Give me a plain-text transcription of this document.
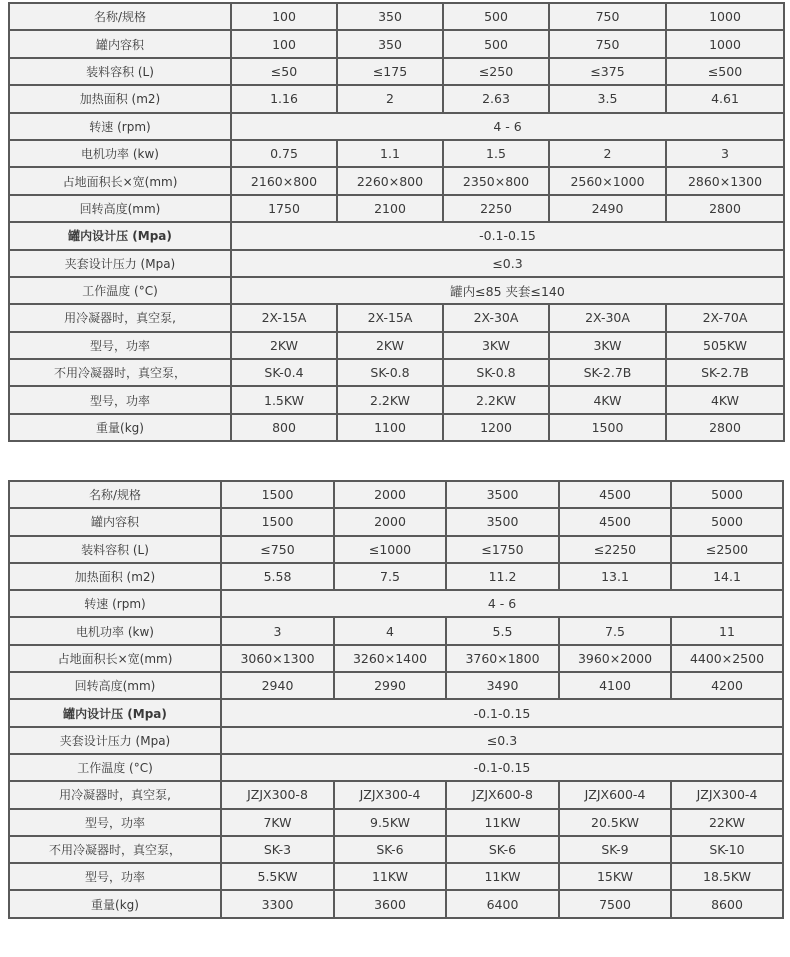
名称/规格	100	350	500	750	1000
罐内容积	100	350	500	750	1000
装料容积 (L)	≤50	≤175	≤250	≤375	≤500
加热面积 (m2)	1.16	2	2.63	3.5	4.61
转速 (rpm)	4 - 6				
电机功率 (kw)	0.75	1.1	1.5	2	3
占地面积长×宽(mm)	2160×800	2260×800	2350×800	2560×1000	2860×1300
回转高度(mm)	1750	2100	2250	2490	2800
罐内设计压 (Mpa)	-0.1-0.15				
夹套设计压力 (Mpa)	≤0.3				
工作温度 (°C)	罐内≤85 夹套≤140				
用冷凝器时，真空泵,	2X-15A	2X-15A	2X-30A	2X-30A	2X-70A
型号，功率	2KW	2KW	3KW	3KW	505KW
不用冷凝器时，真空泵，	SK-0.4	SK-0.8	SK-0.8	SK-2.7B	SK-2.7B
型号，功率	1.5KW	2.2KW	2.2KW	4KW	4KW
重量(kg)	800	1100	1200	1500	2800
名称/规格	1500	2000	3500	4500	5000
罐内容积	1500	2000	3500	4500	5000
装料容积 (L)	≤750	≤1000	≤1750	≤2250	≤2500
加热面积 (m2)	5.58	7.5	11.2	13.1	14.1
转速 (rpm)	4 - 6				
电机功率 (kw)	3	4	5.5	7.5	11
占地面积长×宽(mm)	3060×1300	3260×1400	3760×1800	3960×2000	4400×2500
回转高度(mm)	2940	2990	3490	4100	4200
罐内设计压 (Mpa)	-0.1-0.15				
夹套设计压力 (Mpa)	≤0.3				
工作温度 (°C)	-0.1-0.15				
用冷凝器时，真空泵,	JZJX300-8	JZJX300-4	JZJX600-8	JZJX600-4	JZJX300-4
型号，功率	7KW	9.5KW	11KW	20.5KW	22KW
不用冷凝器时，真空泵，	SK-3	SK-6	SK-6	SK-9	SK-10
型号，功率	5.5KW	11KW	11KW	15KW	18.5KW
重量(kg)	3300	3600	6400	7500	8600
